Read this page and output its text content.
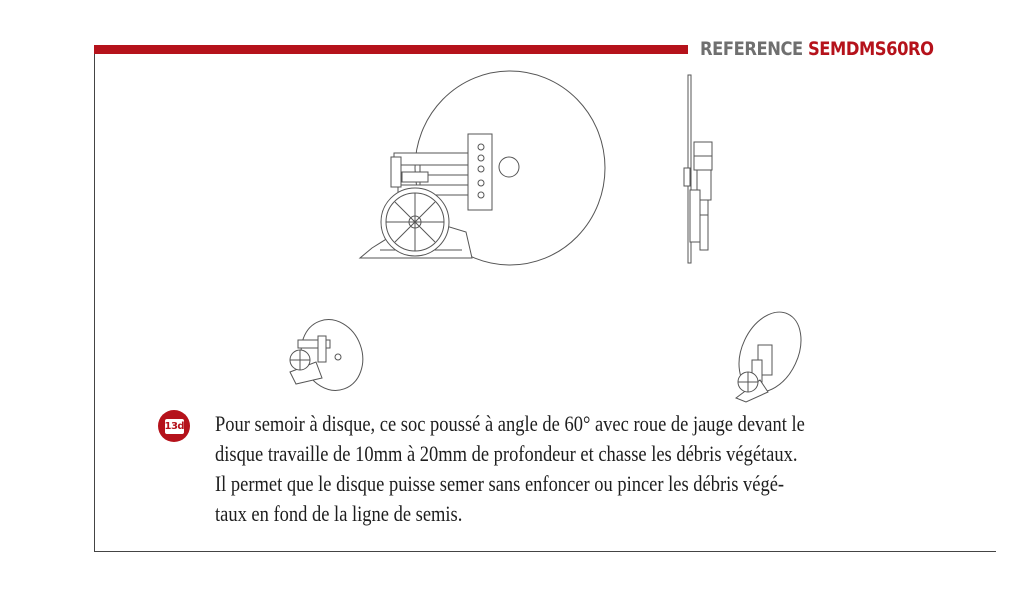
REFERENCE SEMDMS60RO
13d Pour semoir à disque, ce soc poussé à angle de 60° avec roue de jauge devant le
disque travaille de 10mm à 20mm de profondeur et chasse les débris végétaux.
Il permet que le disque puisse semer sans enfoncer ou pincer les débris végé-
taux en fond de la ligne de semis.
